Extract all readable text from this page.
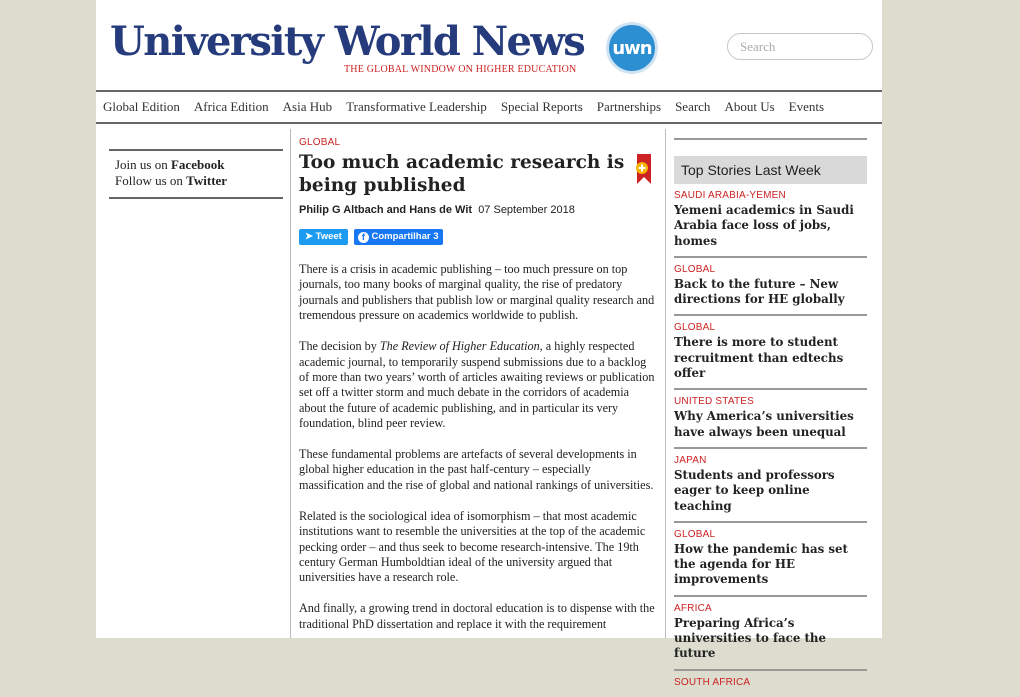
University World News
THE GLOBAL WINDOW ON HIGHER EDUCATION
uwn
Search
Global Edition Africa Edition Asia Hub Transformative Leadership Special Reports Partnerships Search About Us Events
Join us on Facebook
Follow us on Twitter
GLOBAL
Too much academic research is being published
Philip G Altbach and Hans de Wit 07 September 2018
➤ Tweet	f Compartilhar 3

There is a crisis in academic publishing – too much pressure on top journals, too many books of marginal quality, the rise of predatory journals and publishers that publish low or marginal quality research and tremendous pressure on academics worldwide to publish.

The decision by The Review of Higher Education, a highly respected academic journal, to temporarily suspend submissions due to a backlog of more than two years’ worth of articles awaiting reviews or publication set off a twitter storm and much debate in the corridors of academia about the future of academic publishing, and in particular its very foundation, blind peer review.

These fundamental problems are artefacts of several developments in global higher education in the past half-century – especially massification and the rise of global and national rankings of universities.

Related is the sociological idea of isomorphism – that most academic institutions want to resemble the universities at the top of the academic pecking order – and thus seek to become research-intensive. The 19th century German Humboldtian ideal of the university argued that universities have a research role.

And finally, a growing trend in doctoral education is to dispense with the traditional PhD dissertation and replace it with the requirement

Top Stories Last Week
SAUDI ARABIA-YEMEN
Yemeni academics in Saudi Arabia face loss of jobs, homes
GLOBAL
Back to the future – New directions for HE globally
GLOBAL
There is more to student recruitment than edtechs offer
UNITED STATES
Why America’s universities have always been unequal
JAPAN
Students and professors eager to keep online teaching
GLOBAL
How the pandemic has set the agenda for HE improvements
AFRICA
Preparing Africa’s universities to face the future
SOUTH AFRICA
